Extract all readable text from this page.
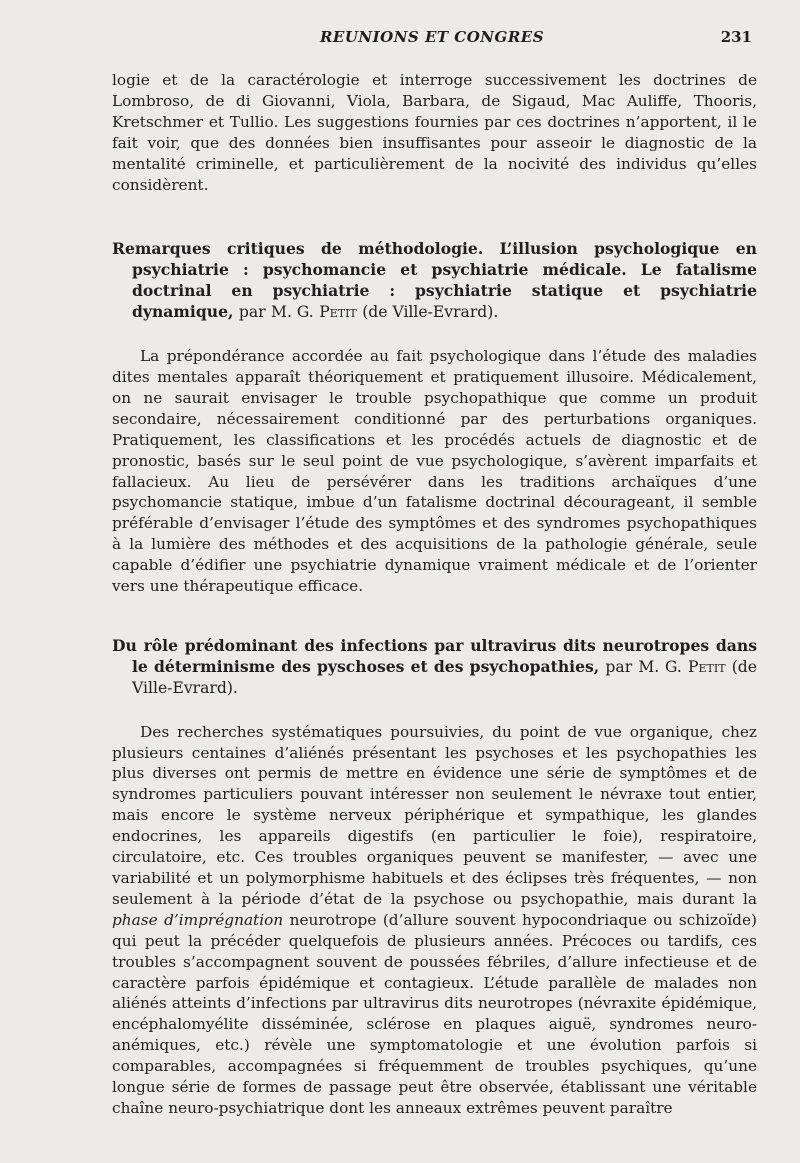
REUNIONS ET CONGRES	231

logie et de la caractérologie et interroge successivement les doctrines de Lombroso, de di Giovanni, Viola, Barbara, de Sigaud, Mac Auliffe, Thooris, Kretschmer et Tullio. Les suggestions fournies par ces doctrines n’apportent, il le fait voir, que des données bien insuffisantes pour asseoir le diagnostic de la mentalité criminelle, et particulièrement de la nocivité des individus qu’elles considèrent.

Remarques critiques de méthodologie. L’illusion psychologique en psychiatrie : psychomancie et psychiatrie médicale. Le fatalisme doctrinal en psychiatrie : psychiatrie statique et psychiatrie dynamique, par M. G. Petit (de Ville-Evrard).

La prépondérance accordée au fait psychologique dans l’étude des maladies dites mentales apparaît théoriquement et pratiquement illusoire. Médicalement, on ne saurait envisager le trouble psychopathique que comme un produit secondaire, nécessairement conditionné par des perturbations organiques. Pratiquement, les classifications et les procédés actuels de diagnostic et de pronostic, basés sur le seul point de vue psychologique, s’avèrent imparfaits et fallacieux. Au lieu de persévérer dans les traditions archaïques d’une psychomancie statique, imbue d’un fatalisme doctrinal décourageant, il semble préférable d’envisager l’étude des symptômes et des syndromes psychopathiques à la lumière des méthodes et des acquisitions de la pathologie générale, seule capable d’édifier une psychiatrie dynamique vraiment médicale et de l’orienter vers une thérapeutique efficace.

Du rôle prédominant des infections par ultravirus dits neurotropes dans le déterminisme des pyschoses et des psychopathies, par M. G. Petit (de Ville-Evrard).

Des recherches systématiques poursuivies, du point de vue organique, chez plusieurs centaines d’aliénés présentant les psychoses et les psychopathies les plus diverses ont permis de mettre en évidence une série de symptômes et de syndromes particuliers pouvant intéresser non seulement le névraxe tout entier, mais encore le système nerveux périphérique et sympathique, les glandes endocrines, les appareils digestifs (en particulier le foie), respiratoire, circulatoire, etc. Ces troubles organiques peuvent se manifester, — avec une variabilité et un polymorphisme habituels et des éclipses très fréquentes, — non seulement à la période d’état de la psychose ou psychopathie, mais durant la phase d’imprégnation neurotrope (d’allure souvent hypocondriaque ou schizoïde) qui peut la précéder quelquefois de plusieurs années. Précoces ou tardifs, ces troubles s’accompagnent souvent de poussées fébriles, d’allure infectieuse et de caractère parfois épidémique et contagieux. L’étude parallèle de malades non aliénés atteints d’infections par ultravirus dits neurotropes (névraxite épidémique, encéphalomyélite disséminée, sclérose en plaques aiguë, syndromes neuro-anémiques, etc.) révèle une symptomatologie et une évolution parfois si comparables, accompagnées si fréquemment de troubles psychiques, qu’une longue série de formes de passage peut être observée, établissant une véritable chaîne neuro-psychiatrique dont les anneaux extrêmes peuvent paraître
